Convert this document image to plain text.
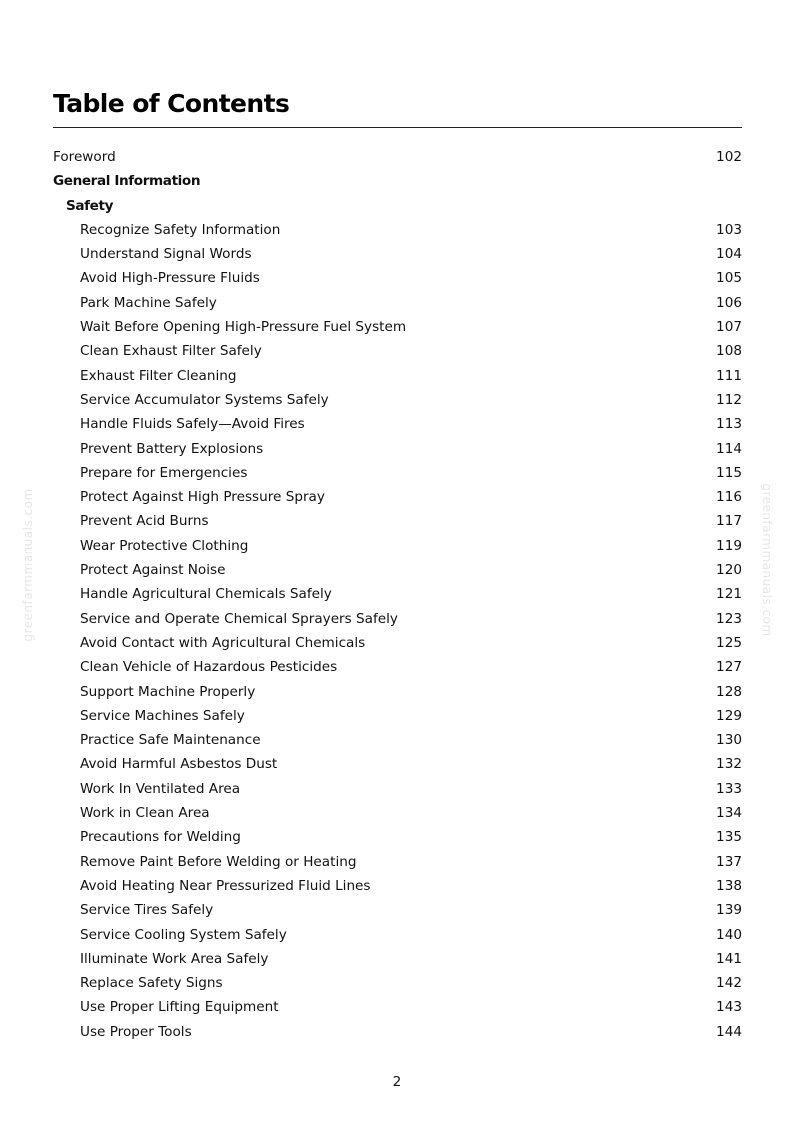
Table of Contents
Foreword	102
General Information
Safety
Recognize Safety Information	103
Understand Signal Words	104
Avoid High-Pressure Fluids	105
Park Machine Safely	106
Wait Before Opening High-Pressure Fuel System	107
Clean Exhaust Filter Safely	108
Exhaust Filter Cleaning	111
Service Accumulator Systems Safely	112
Handle Fluids Safely—Avoid Fires	113
Prevent Battery Explosions	114
Prepare for Emergencies	115
Protect Against High Pressure Spray	116
Prevent Acid Burns	117
Wear Protective Clothing	119
Protect Against Noise	120
Handle Agricultural Chemicals Safely	121
Service and Operate Chemical Sprayers Safely	123
Avoid Contact with Agricultural Chemicals	125
Clean Vehicle of Hazardous Pesticides	127
Support Machine Properly	128
Service Machines Safely	129
Practice Safe Maintenance	130
Avoid Harmful Asbestos Dust	132
Work In Ventilated Area	133
Work in Clean Area	134
Precautions for Welding	135
Remove Paint Before Welding or Heating	137
Avoid Heating Near Pressurized Fluid Lines	138
Service Tires Safely	139
Service Cooling System Safely	140
Illuminate Work Area Safely	141
Replace Safety Signs	142
Use Proper Lifting Equipment	143
Use Proper Tools	144
greenfarmmanuals.com	greenfarmmanuals.com
2
